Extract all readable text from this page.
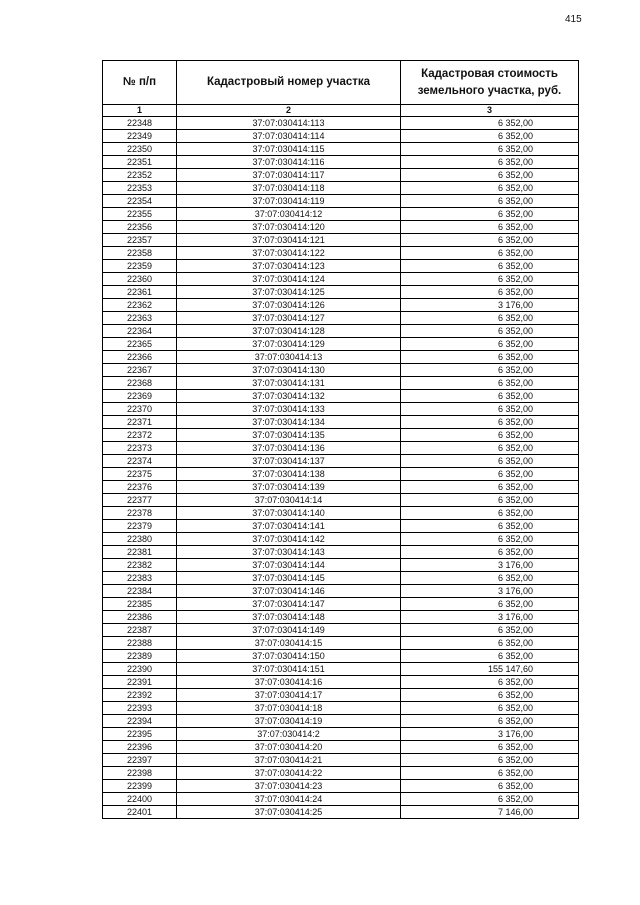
415
№ п/п	Кадастровый номер участка	Кадастровая стоимость земельного участка, руб.
1	2	3
22348	37:07:030414:113	6 352,00
22349	37:07:030414:114	6 352,00
22350	37:07:030414:115	6 352,00
22351	37:07:030414:116	6 352,00
22352	37:07:030414:117	6 352,00
22353	37:07:030414:118	6 352,00
22354	37:07:030414:119	6 352,00
22355	37:07:030414:12	6 352,00
22356	37:07:030414:120	6 352,00
22357	37:07:030414:121	6 352,00
22358	37:07:030414:122	6 352,00
22359	37:07:030414:123	6 352,00
22360	37:07:030414:124	6 352,00
22361	37:07:030414:125	6 352,00
22362	37:07:030414:126	3 176,00
22363	37:07:030414:127	6 352,00
22364	37:07:030414:128	6 352,00
22365	37:07:030414:129	6 352,00
22366	37:07:030414:13	6 352,00
22367	37:07:030414:130	6 352,00
22368	37:07:030414:131	6 352,00
22369	37:07:030414:132	6 352,00
22370	37:07:030414:133	6 352,00
22371	37:07:030414:134	6 352,00
22372	37:07:030414:135	6 352,00
22373	37:07:030414:136	6 352,00
22374	37:07:030414:137	6 352,00
22375	37:07:030414:138	6 352,00
22376	37:07:030414:139	6 352,00
22377	37:07:030414:14	6 352,00
22378	37:07:030414:140	6 352,00
22379	37:07:030414:141	6 352,00
22380	37:07:030414:142	6 352,00
22381	37:07:030414:143	6 352,00
22382	37:07:030414:144	3 176,00
22383	37:07:030414:145	6 352,00
22384	37:07:030414:146	3 176,00
22385	37:07:030414:147	6 352,00
22386	37:07:030414:148	3 176,00
22387	37:07:030414:149	6 352,00
22388	37:07:030414:15	6 352,00
22389	37:07:030414:150	6 352,00
22390	37:07:030414:151	155 147,60
22391	37:07:030414:16	6 352,00
22392	37:07:030414:17	6 352,00
22393	37:07:030414:18	6 352,00
22394	37:07:030414:19	6 352,00
22395	37:07:030414:2	3 176,00
22396	37:07:030414:20	6 352,00
22397	37:07:030414:21	6 352,00
22398	37:07:030414:22	6 352,00
22399	37:07:030414:23	6 352,00
22400	37:07:030414:24	6 352,00
22401	37:07:030414:25	7 146,00
